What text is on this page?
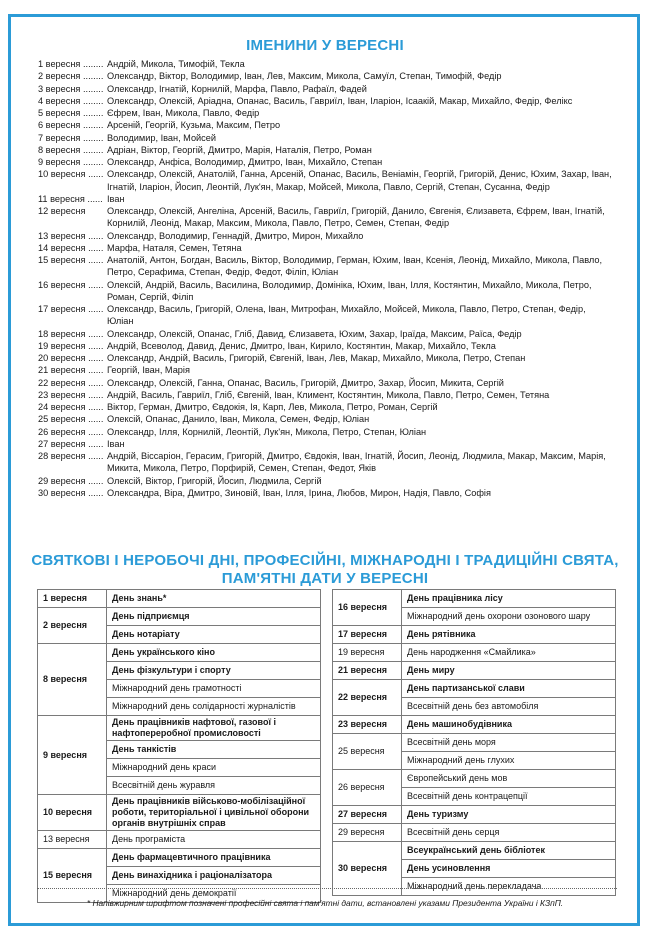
ІМЕНИНИ У ВЕРЕСНІ
1 вересня ........ Андрій, Микола, Тимофій, Текла
2 вересня ........ Олександр, Віктор, Володимир, Іван, Лев, Максим, Микола, Самуїл, Степан, Тимофій, Федір
3 вересня ........ Олександр, Ігнатій, Корнилій, Марфа, Павло, Рафаїл, Фадей
4 вересня ........ Олександр, Олексій, Аріадна, Опанас, Василь, Гавриїл, Іван, Іларіон, Ісаакій, Макар, Михайло, Федір, Фелікс
5 вересня ........ Єфрем, Іван, Микола, Павло, Федір
6 вересня ........ Арсеній, Георгій, Кузьма, Максим, Петро
7 вересня ........ Володимир, Іван, Мойсей
8 вересня ........ Адріан, Віктор, Георгій, Дмитро, Марія, Наталія, Петро, Роман
9 вересня ........ Олександр, Анфіса, Володимир, Дмитро, Іван, Михайло, Степан
10 вересня ...... Олександр, Олексій, Анатолій, Ганна, Арсеній, Опанас, Василь, Веніамін, Георгій, Григорій, Денис, Юхим, Захар, Іван, Ігнатій, Іларіон, Йосип, Леонтій, Лук'ян, Макар, Мойсей, Микола, Павло, Сергій, Степан, Сусанна, Федір
11 вересня ...... Іван
12 вересня	Олександр, Олексій, Ангеліна, Арсеній, Василь, Гавриїл, Григорій, Данило, Євгенія, Єлизавета, Єфрем, Іван, Ігнатій, Корнилій, Леонід, Макар, Максим, Микола, Павло, Петро, Семен, Степан, Федір
13 вересня ...... Олександр, Володимир, Геннадій, Дмитро, Мирон, Михайло
14 вересня ...... Марфа, Наталя, Семен, Тетяна
15 вересня ...... Анатолій, Антон, Богдан, Василь, Віктор, Володимир, Герман, Юхим, Іван, Ксенія, Леонід, Михайло, Микола, Павло, Петро, Серафима, Степан, Федір, Федот, Філіп, Юліан
16 вересня ...... Олексій, Андрій, Василь, Василина, Володимир, Домініка, Юхим, Іван, Ілля, Костянтин, Михайло, Микола, Петро, Роман, Сергій, Філіп
17 вересня ...... Олександр, Василь, Григорій, Олена, Іван, Митрофан, Михайло, Мойсей, Микола, Павло, Петро, Степан, Федір, Юліан
18 вересня ...... Олександр, Олексій, Опанас, Гліб, Давид, Єлизавета, Юхим, Захар, Іраїда, Максим, Раїса, Федір
19 вересня ...... Андрій, Всеволод, Давид, Денис, Дмитро, Іван, Кирило, Костянтин, Макар, Михайло, Текла
20 вересня ...... Олександр, Андрій, Василь, Григорій, Євгеній, Іван, Лев, Макар, Михайло, Микола, Петро, Степан
21 вересня ...... Георгій, Іван, Марія
22 вересня ...... Олександр, Олексій, Ганна, Опанас, Василь, Григорій, Дмитро, Захар, Йосип, Микита, Сергій
23 вересня ...... Андрій, Василь, Гавриїл, Гліб, Євгеній, Іван, Климент, Костянтин, Микола, Павло, Петро, Семен, Тетяна
24 вересня ...... Віктор, Герман, Дмитро, Євдокія, Ія, Карп, Лев, Микола, Петро, Роман, Сергій
25 вересня ...... Олексій, Опанас, Данило, Іван, Микола, Семен, Федір, Юліан
26 вересня ...... Олександр, Ілля, Корнилій, Леонтій, Лук'ян, Микола, Петро, Степан, Юліан
27 вересня ...... Іван
28 вересня ...... Андрій, Віссаріон, Герасим, Григорій, Дмитро, Євдокія, Іван, Ігнатій, Йосип, Леонід, Людмила, Макар, Максим, Марія, Микита, Микола, Петро, Порфирій, Семен, Степан, Федот, Яків
29 вересня ...... Олексій, Віктор, Григорій, Йосип, Людмила, Сергій
30 вересня ...... Олександра, Віра, Дмитро, Зиновій, Іван, Ілля, Ірина, Любов, Мирон, Надія, Павло, Софія
СВЯТКОВІ І НЕРОБОЧІ ДНІ, ПРОФЕСІЙНІ, МІЖНАРОДНІ І ТРАДИЦІЙНІ СВЯТА,
ПАМ'ЯТНІ ДАТИ У ВЕРЕСНІ
1 вересня	День знань*
2 вересня	День підприємця
	День нотаріату
8 вересня	День українського кіно
	День фізкультури і спорту
	Міжнародний день грамотності
	Міжнародний день солідарності журналістів
9 вересня	День працівників нафтової, газової і нафтопереробної промисловості
	День танкістів
	Міжнародний день краси
	Всесвітній день журавля
10 вересня	День працівників військово-мобілізаційної роботи, територіальної і цивільної оборони органів внутрішніх справ
13 вересня	День програміста
15 вересня	День фармацевтичного працівника
	День винахідника і раціоналізатора
	Міжнародний день демократії
16 вересня	День працівника лісу
	Міжнародний день охорони озонового шару
17 вересня	День рятівника
19 вересня	День народження «Смайлика»
21 вересня	День миру
22 вересня	День партизанської слави
	Всесвітній день без автомобіля
23 вересня	День машинобудівника
25 вересня	Всесвітній день моря
	Міжнародний день глухих
26 вересня	Європейський день мов
	Всесвітній день контрацепції
27 вересня	День туризму
29 вересня	Всесвітній день серця
30 вересня	Всеукраїнський день бібліотек
	День усиновлення
	Міжнародний день перекладача
* Напівжирним шрифтом позначені професійні свята і пам'ятні дати, встановлені указами Президента України і КЗпП.
